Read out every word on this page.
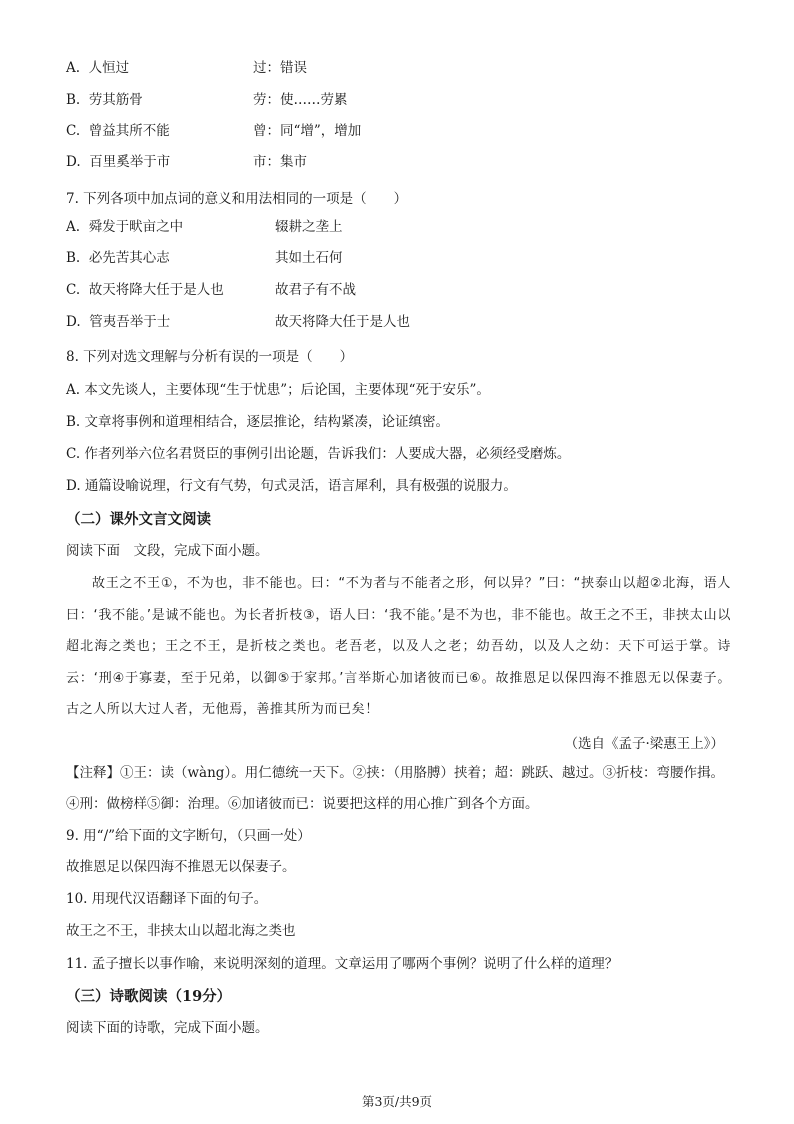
A. 人恒过	过：错误
B. 劳其筋骨	劳：使……劳累
C. 曾益其所不能	曾：同“增”，增加
D. 百里奚举于市	市：集市
7. 下列各项中加点词的意义和用法相同的一项是（　　）
A. 舜发于畎亩之中	辍耕之垄上
B. 必先苦其心志	其如土石何
C. 故天将降大任于是人也	故君子有不战
D. 管夷吾举于士	故天将降大任于是人也
8. 下列对选文理解与分析有误的一项是（　　）
A. 本文先谈人，主要体现“生于忧患”；后论国，主要体现“死于安乐”。
B. 文章将事例和道理相结合，逐层推论，结构紧凑，论证缜密。
C. 作者列举六位名君贤臣的事例引出论题，告诉我们：人要成大器，必须经受磨炼。
D. 通篇设喻说理，行文有气势，句式灵活，语言犀利，具有极强的说服力。
（二）课外文言文阅读
阅读下面　文段，完成下面小题。
故王之不王①，不为也，非不能也。曰：“不为者与不能者之形，何以异？”曰：“挟泰山以超②北海，语人曰：‘我不能。’是诚不能也。为长者折枝③，语人曰：‘我不能。’是不为也，非不能也。故王之不王，非挟太山以超北海之类也；王之不王，是折枝之类也。老吾老，以及人之老；幼吾幼，以及人之幼：天下可运于掌。诗云：‘刑④于寡妻，至于兄弟，以御⑤于家邦。’言举斯心加诸彼而已⑥。故推恩足以保四海不推恩无以保妻子。古之人所以大过人者，无他焉，善推其所为而已矣！
（选自《孟子·梁惠王上》）
【注释】①王：读（wàng）。用仁德统一天下。②挟：（用胳膊）挟着；超：跳跃、越过。③折枝：弯腰作揖。④刑：做榜样⑤御：治理。⑥加诸彼而已：说要把这样的用心推广到各个方面。
9. 用“/”给下面的文字断句，（只画一处）
故推恩足以保四海不推恩无以保妻子。
10. 用现代汉语翻译下面的句子。
故王之不王，非挟太山以超北海之类也
11. 孟子擅长以事作喻，来说明深刻的道理。文章运用了哪两个事例？说明了什么样的道理？
（三）诗歌阅读（19分）
阅读下面的诗歌，完成下面小题。
第3页/共9页
